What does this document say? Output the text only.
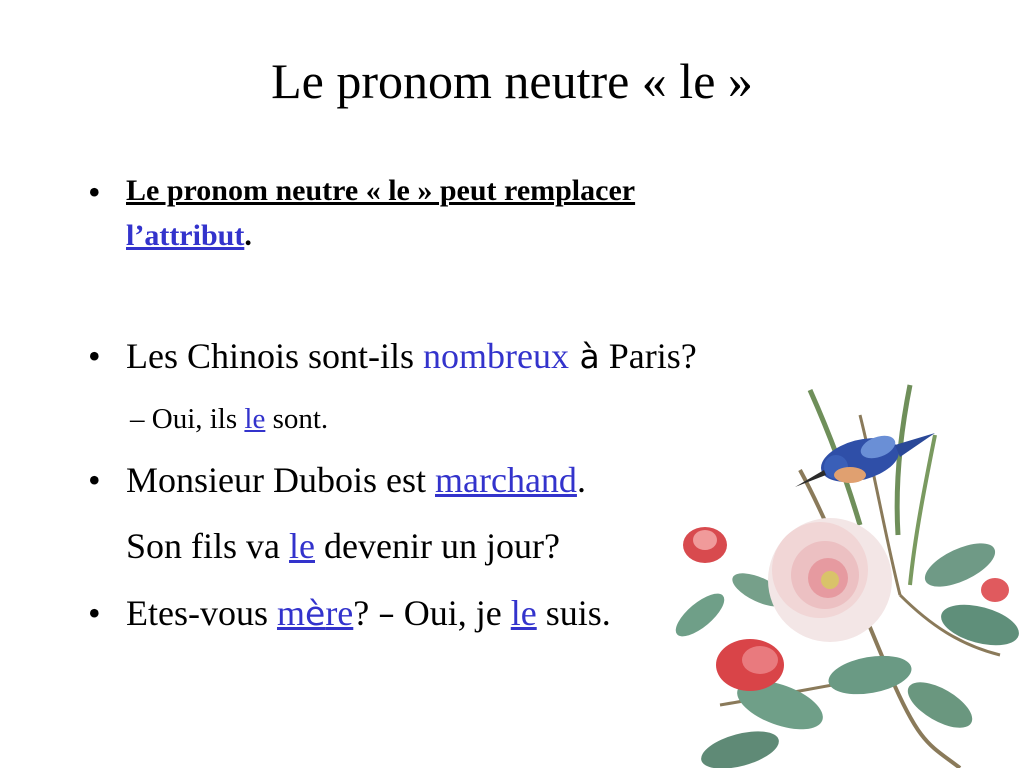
Le pronom neutre « le »
• Le pronom neutre « le » peut remplacer
l’attribut.
• Les Chinois sont-ils nombreux à Paris?
– Oui, ils le sont.
• Monsieur Dubois est marchand.
Son fils va le devenir un jour?
• Etes-vous mère? – Oui, je le suis.
